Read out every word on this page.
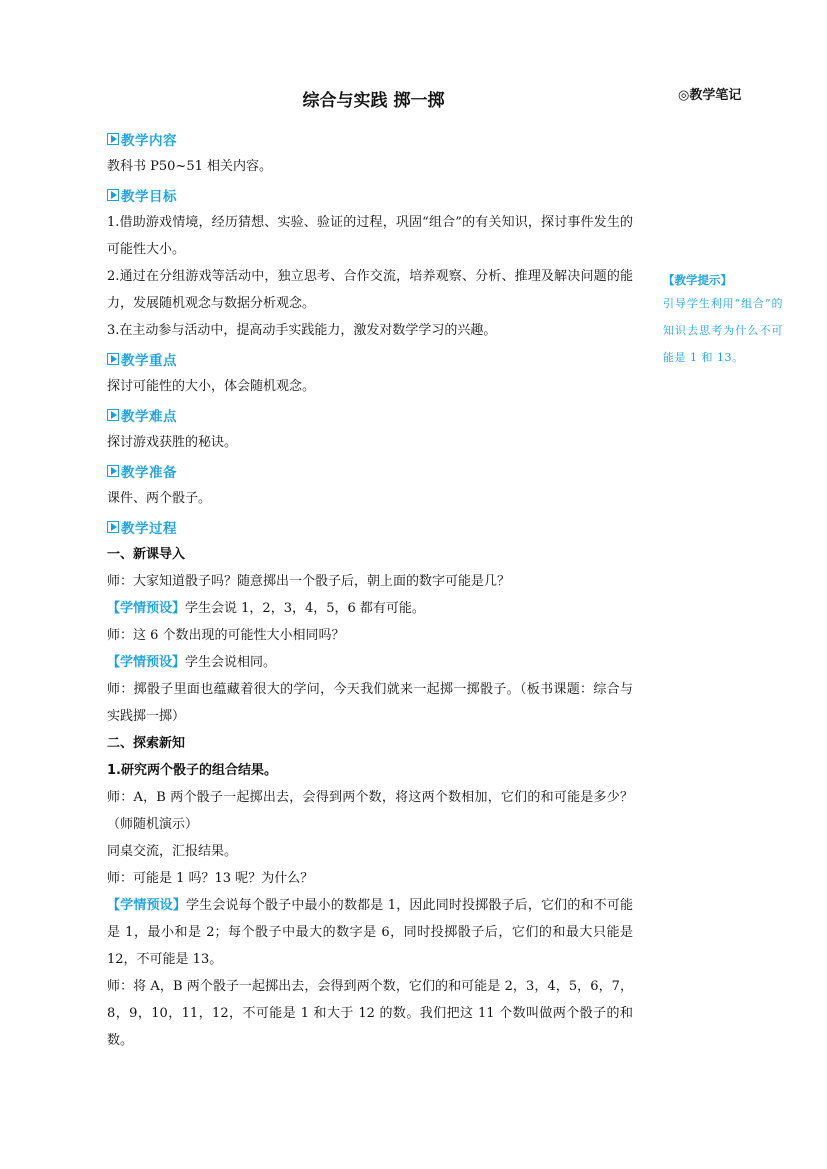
综合与实践 掷一掷	◎教学笔记
教学内容

教科书 P50~51 相关内容。

教学目标

1.借助游戏情境，经历猜想、实验、验证的过程，巩固“组合”的有关知识，探讨事件发生的可能性大小。

2.通过在分组游戏等活动中，独立思考、合作交流，培养观察、分析、推理及解决问题的能力，发展随机观念与数据分析观念。

3.在主动参与活动中，提高动手实践能力，激发对数学学习的兴趣。

教学重点

探讨可能性的大小，体会随机观念。

教学难点

探讨游戏获胜的秘诀。

教学准备

课件、两个骰子。

教学过程

一、新课导入

师：大家知道骰子吗？随意掷出一个骰子后，朝上面的数字可能是几？

【学情预设】学生会说 1，2，3，4，5，6 都有可能。

师：这 6 个数出现的可能性大小相同吗？

【学情预设】学生会说相同。

师：掷骰子里面也蕴藏着很大的学问，今天我们就来一起掷一掷骰子。（板书课题：综合与实践掷一掷）

二、探索新知

1.研究两个骰子的组合结果。

师：A，B 两个骰子一起掷出去，会得到两个数，将这两个数相加，它们的和可能是多少？（师随机演示）

同桌交流，汇报结果。

师：可能是 1 吗？13 呢？为什么？

【学情预设】学生会说每个骰子中最小的数都是 1，因此同时投掷骰子后，它们的和不可能是 1，最小和是 2；每个骰子中最大的数字是 6，同时投掷骰子后，它们的和最大只能是 12，不可能是 13。

师：将 A，B 两个骰子一起掷出去，会得到两个数，它们的和可能是 2，3，4，5，6，7，8，9，10，11，12，不可能是 1 和大于 12 的数。我们把这 11 个数叫做两个骰子的和数。

【教学提示】

引导学生利用“组合”的知识去思考为什么不可能是 1 和 13。
